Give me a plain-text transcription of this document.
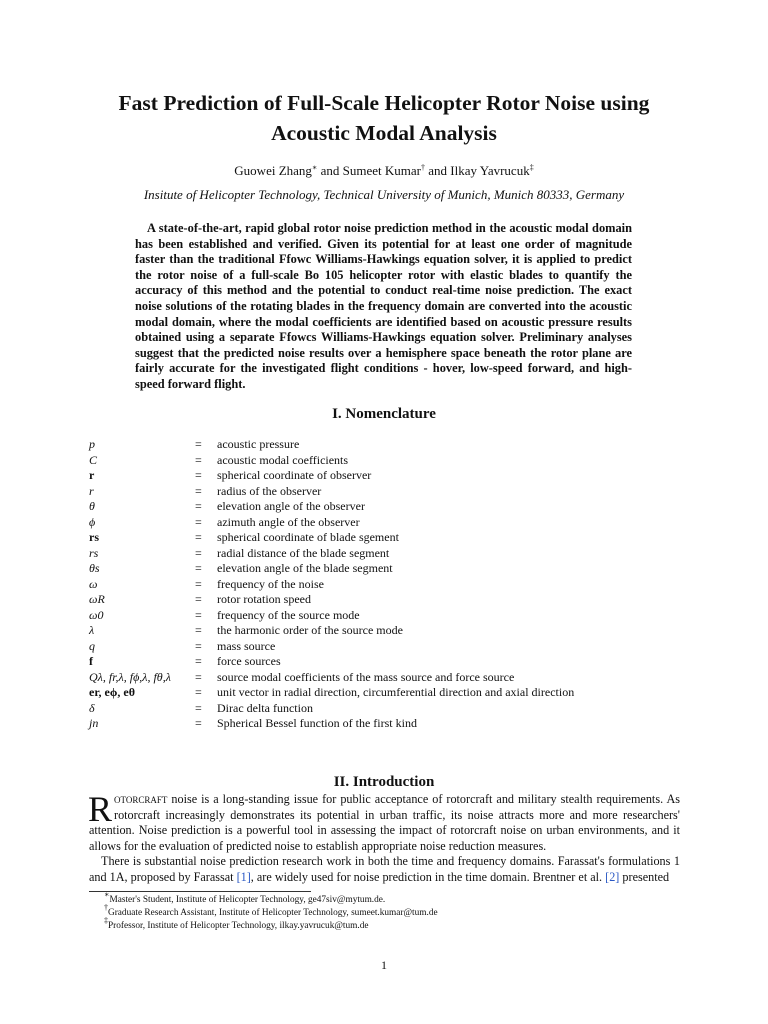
Fast Prediction of Full-Scale Helicopter Rotor Noise using Acoustic Modal Analysis
Guowei Zhang∗ and Sumeet Kumar† and Ilkay Yavrucuk‡
Insitute of Helicopter Technology, Technical University of Munich, Munich 80333, Germany
A state-of-the-art, rapid global rotor noise prediction method in the acoustic modal domain has been established and verified. Given its potential for at least one order of magnitude faster than the traditional Ffowc Williams-Hawkings equation solver, it is applied to predict the rotor noise of a full-scale Bo 105 helicopter rotor with elastic blades to quantify the accuracy of this method and the potential to conduct real-time noise prediction. The exact noise solutions of the rotating blades in the frequency domain are converted into the acoustic modal domain, where the modal coefficients are identified based on acoustic pressure results obtained using a separate Ffowcs Williams-Hawkings equation solver. Preliminary analyses suggest that the predicted noise results over a hemisphere space beneath the rotor plane are fairly accurate for the investigated flight conditions - hover, low-speed forward, and high-speed forward flight.
I. Nomenclature
p	=	acoustic pressure
C	=	acoustic modal coefficients
r	=	spherical coordinate of observer
r	=	radius of the observer
θ	=	elevation angle of the observer
ϕ	=	azimuth angle of the observer
rs	=	spherical coordinate of blade sgement
rs	=	radial distance of the blade segment
θs	=	elevation angle of the blade segment
ω	=	frequency of the noise
ωR	=	rotor rotation speed
ω0	=	frequency of the source mode
λ	=	the harmonic order of the source mode
q	=	mass source
f	=	force sources
Qλ, fr,λ, fϕ,λ, fθ,λ	=	source modal coefficients of the mass source and force source
er, eϕ, eθ	=	unit vector in radial direction, circumferential direction and axial direction
δ	=	Dirac delta function
jn	=	Spherical Bessel function of the first kind
II. Introduction

Rotorcraft noise is a long-standing issue for public acceptance of rotorcraft and military stealth requirements. As rotorcraft increasingly demonstrates its potential in urban traffic, its noise attracts more and more researchers' attention. Noise prediction is a powerful tool in assessing the impact of rotorcraft noise on urban environments, and it allows for the evaluation of predicted noise to establish appropriate noise reduction measures.

There is substantial noise prediction research work in both the time and frequency domains. Farassat's formulations 1 and 1A, proposed by Farassat [1], are widely used for noise prediction in the time domain. Brentner et al. [2] presented

∗Master's Student, Institute of Helicopter Technology, ge47siv@mytum.de.
†Graduate Research Assistant, Institute of Helicopter Technology, sumeet.kumar@tum.de
‡Professor, Institute of Helicopter Technology, ilkay.yavrucuk@tum.de
1
